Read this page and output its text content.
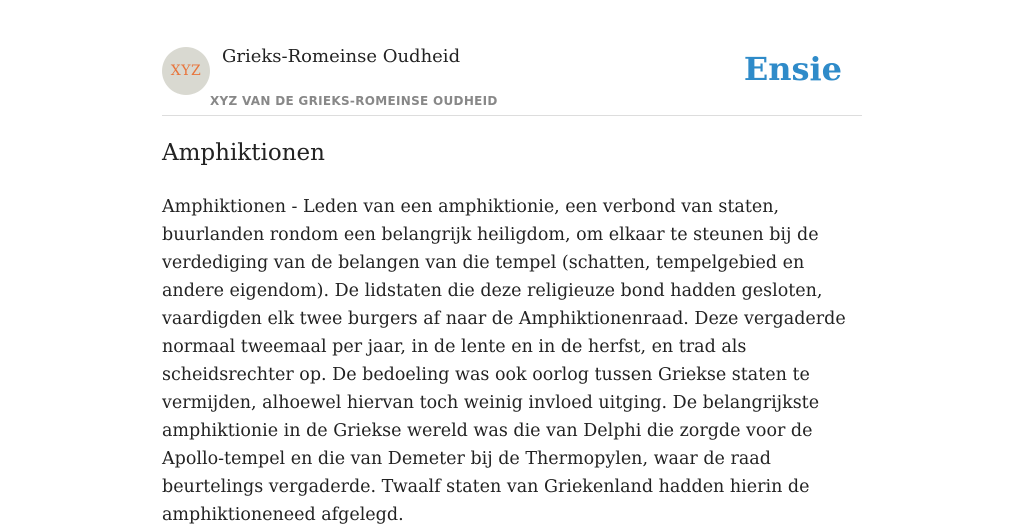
XYZ
Grieks-Romeinse Oudheid
XYZ VAN DE GRIEKS-ROMEINSE OUDHEID
Ensie
Amphiktionen

Amphiktionen - Leden van een amphiktionie, een verbond van staten, buurlanden rondom een belangrijk heiligdom, om elkaar te steunen bij de verdediging van de belangen van die tempel (schatten, tempelgebied en andere eigendom). De lidstaten die deze religieuze bond hadden gesloten, vaardigden elk twee burgers af naar de Amphiktionenraad. Deze vergaderde normaal tweemaal per jaar, in de lente en in de herfst, en trad als scheidsrechter op. De bedoeling was ook oorlog tussen Griekse staten te vermijden, alhoewel hiervan toch weinig invloed uitging. De belangrijkste amphiktionie in de Griekse wereld was die van Delphi die zorgde voor de Apollo-tempel en die van Demeter bij de Thermopylen, waar de raad beurtelings vergaderde. Twaalf staten van Griekenland hadden hierin de amphiktioneneed afgelegd.
